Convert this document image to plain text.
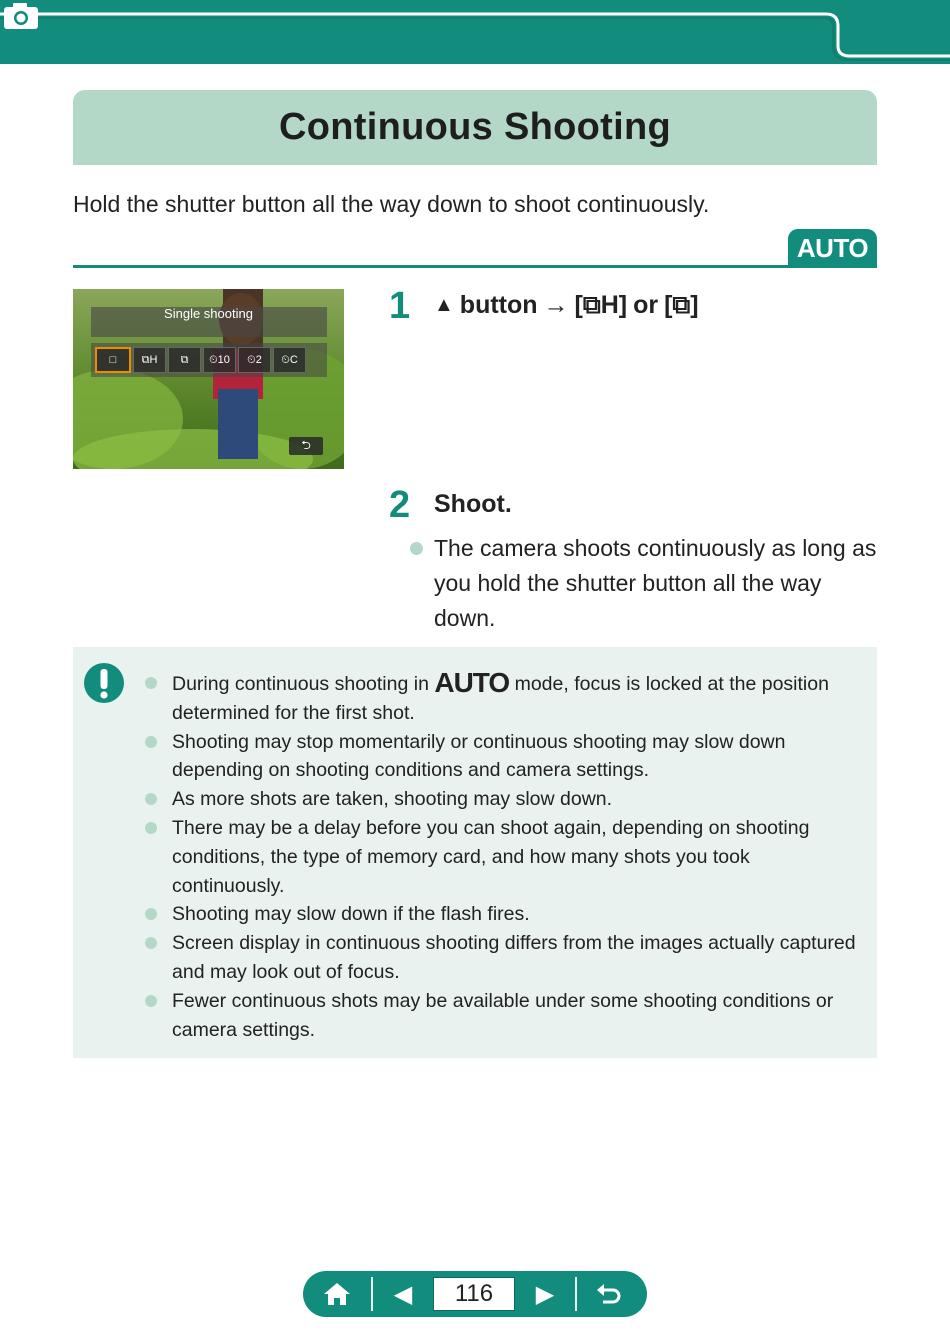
Continuous Shooting
Hold the shutter button all the way down to shoot continuously.
AUTO
Single shooting
□	⧉H	⧉	⏲10	⏲2	⏲C
⮌
1 ▲ button → [⧉H] or [⧉]
2 Shoot.
The camera shoots continuously as long as you hold the shutter button all the way down.
During continuous shooting in AUTO mode, focus is locked at the position determined for the first shot.
Shooting may stop momentarily or continuous shooting may slow down depending on shooting conditions and camera settings.
As more shots are taken, shooting may slow down.
There may be a delay before you can shoot again, depending on shooting conditions, the type of memory card, and how many shots you took continuously.
Shooting may slow down if the flash fires.
Screen display in continuous shooting differs from the images actually captured and may look out of focus.
Fewer continuous shots may be available under some shooting conditions or camera settings.
◀	116	▶
